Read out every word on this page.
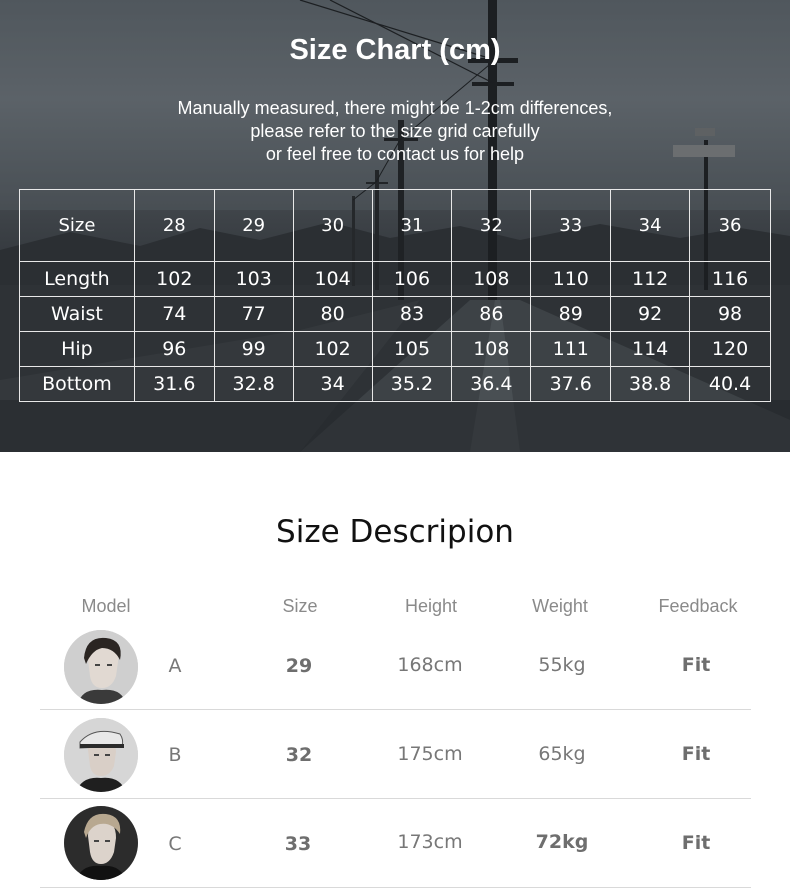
Size Chart (cm)
Manually measured, there might be 1-2cm differences,
please refer to the size grid carefully
or feel free to contact us for help
Size	28	29	30	31	32	33	34	36
Length	102	103	104	106	108	110	112	116
Waist	74	77	80	83	86	89	92	98
Hip	96	99	102	105	108	111	114	120
Bottom	31.6	32.8	34	35.2	36.4	37.6	38.8	40.4
Size Descripion
Model	Size	Height	Weight	Feedback
A	29	168cm	55kg	Fit
B	32	175cm	65kg	Fit
C	33	173cm	72kg	Fit
